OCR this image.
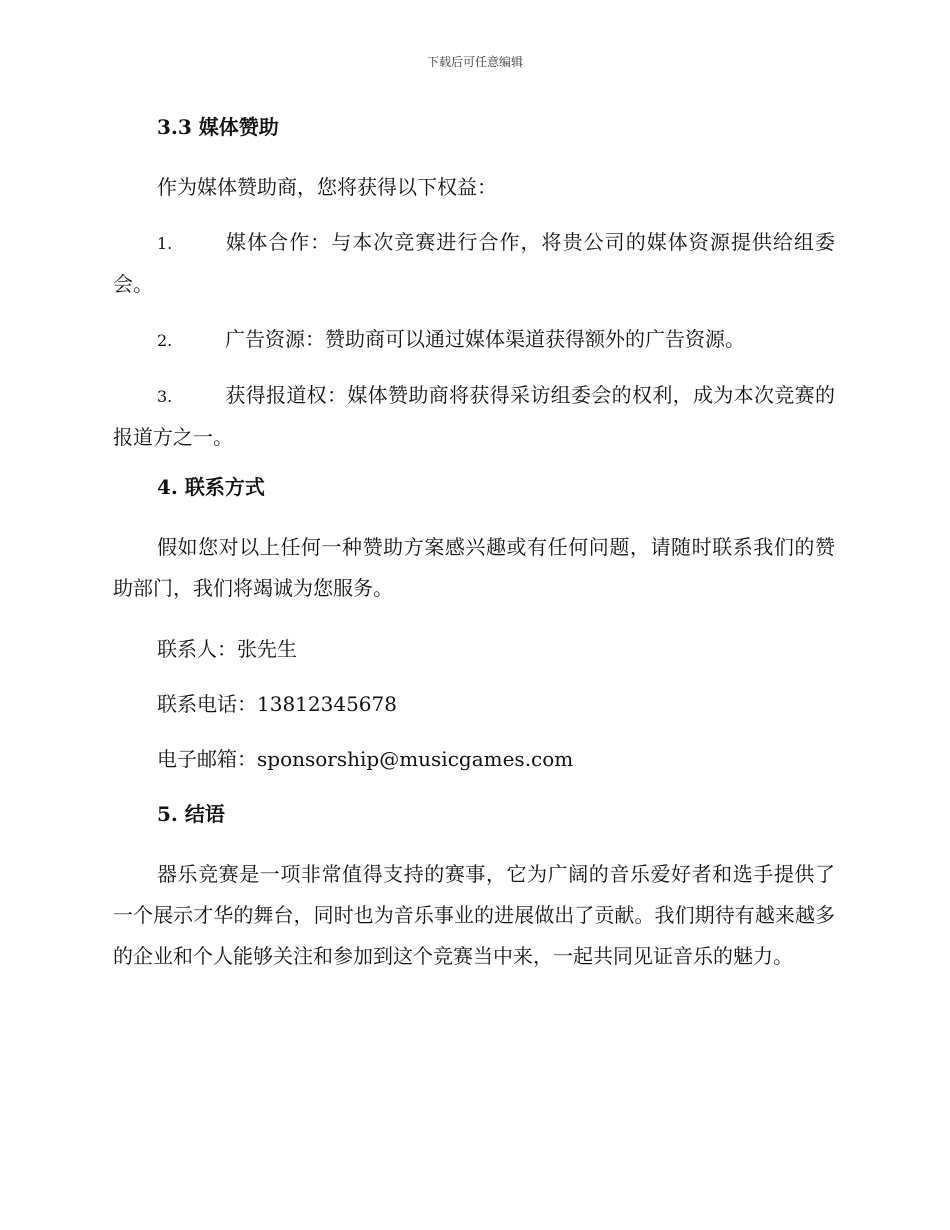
下载后可任意编辑
3.3 媒体赞助

作为媒体赞助商，您将获得以下权益：

1.	媒体合作：与本次竞赛进行合作，将贵公司的媒体资源提供给组委会。

2.	广告资源：赞助商可以通过媒体渠道获得额外的广告资源。

3.	获得报道权：媒体赞助商将获得采访组委会的权利，成为本次竞赛的报道方之一。

4. 联系方式

假如您对以上任何一种赞助方案感兴趣或有任何问题，请随时联系我们的赞助部门，我们将竭诚为您服务。

联系人：张先生
联系电话：13812345678
电子邮箱：sponsorship@musicgames.com
5. 结语

器乐竞赛是一项非常值得支持的赛事，它为广阔的音乐爱好者和选手提供了一个展示才华的舞台，同时也为音乐事业的进展做出了贡献。我们期待有越来越多的企业和个人能够关注和参加到这个竞赛当中来，一起共同见证音乐的魅力。
